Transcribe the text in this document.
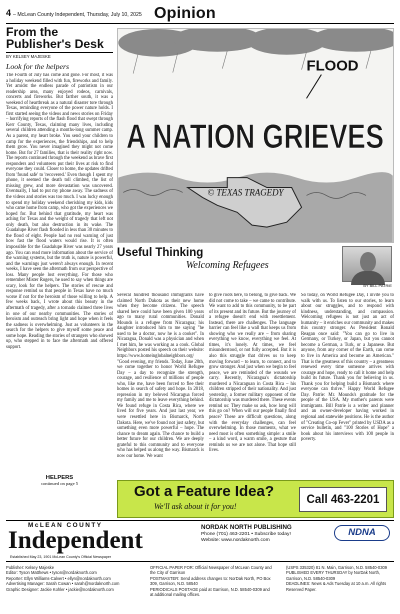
4 – McLean County Independent, Thursday, July 10, 2025 Opinion
From the Publisher's Desk
BY KELSEY MAJESKE
Look for the helpers
The Fourth of July has come and gone. For most, it was a holiday weekend filled with fun, fireworks and family. Yet amidst the endless parade of patriotism in our readership area, many enjoyed rodeos, carnivals, concerts and fireworks. But farther south, it was a weekend of heartbreak as a natural disaster tore through Texas, reminding everyone of the power nature holds. I first started seeing the videos and news stories on Friday – horrifying reports of the flash flood that swept through Kerr County, Texas, claiming many lives, including several children attending a months-long summer camp. As a parent, my heart broke. You send your children to camp for the experiences, the friendships, and to help them grow. You never imagined they might not come home. But for 27 families, that is their reality right now. The reports continued through the weekend as brave first responders and volunteers put their lives at risk to find everyone they could. Closer to home, the updates drifted from 'found safe' to 'recovered.' Even though I spent my phone, it seemed the death toll climbed, the list of missing grew, and more devastation was uncovered. Eventually, I had to put my phone away. The sadness of the videos and stories was too much. I was lucky enough to spend my holiday weekend cherishing my kids, kids who came home from camp, who got the experiences we hoped for. But behind that gratitude, my heart was aching for Texas and the weight of tragedy that left not only death, but also destruction in its wake. The Guadalupe River flash flooded in less than 30 minutes to the flood of eight. People had no real warning of just how fast the flood waters would rise. It is often impossible for the Guadalupe River was nearly 27 years ago. You can read more information about the service of the warning systems, but the truth is, nature is powerful, and the warnings just weren't always enough. In recent weeks, I have seen the aftermath from our perspective of loss. Many people lost everything. For those who remember Mister Rogers, he used to say when things are scary, look for the helpers. The stories of rescue and response remind us that people in Texas have no much worse if not for the heroism of those willing to help. A few weeks back, I wrote about this beauty in the aftermath of tragedy, after a tornado claimed three lives in one of our nearby communities. The stories of heroism and outreach bring light and hope when it feels the sadness is overwhelming. Just as volunteers in the search for the helpers to give myself some peace and some hope. Reading the stories of strangers who showed up, who stepped in to face the aftermath and offered support.
HELPERS
continued on page 5
FLOOD
A NATION GRIEVES
© TEXAS TRAGEDY
Useful Thinking
Welcoming Refugees
BY BILL PATRIE
Several hundred thousand immigrants have claimed North Dakota as their new home when they become citizens. The speech shared here could have been given 100 years ago to many rural communities. Donald Mounds is a refugee from Nicaragua; his daughter introduced him to me saying "he used to be a doctor, now he is a cooker". In Nicaragua, Donald was a physician and when I met him, he was working as a cook. Global Neighbors posted his speech on their website: https://www.homeinglobalneighbors.org/ "Good evening, my friends. Today, June 20th, we come together to honor World Refugee Day – a day to recognize the strength, courage, and resilience of millions of people who, like me, have been forced to flee their homes in search of safety and hope. In 2018, repression in my beloved Nicaragua forced my family and me to leave everything behind. We found refuge in Costa Rica, where we lived for five years. And just last year, we were resettled here in Bismarck, North Dakota. Here, we've found not just safety, but something even more powerful – hope. The chance to dream again. The chance to build a better future for our children. We are deeply grateful to this community and to everyone who has helped us along the way. Bismarck is now our home. We want
to give roots here, to belong, to give back. We did not come to take – we came to contribute. We want to add to this community, to be part of its present and its future. But the journey of a refugee doesn't end with resettlement. Instead, there are challenges. The language barrier can feel like a wall that keeps us from showing who we really are – from sharing everything we know, everything we feel. At times, it's lonely. At times, we feel misunderstood, or not fully accepted. But it is also this struggle that drives us to keep moving forward – to learn, to connect, and to grow stronger. And just when we begin to feel peace, we are reminded of the wounds we carry. Recently, Nicaragua's dictatorship murdered a Nicaraguan in Costa Rica – his children stripped of their nationality. And just yesterday, a former military opponent of the dictatorship was murdered there. These events remind us: They make us ask, how long will this go on? When will our people finally find peace? These are difficult questions, along with the everyday challenges, can feel overwhelming. In those moments, what we need most is often something simple: a smile – a kind word, a warm smile, a gesture that reminds us we are not alone. That hope still lives.
So today, on World Refugee Day, I invite you to walk with us. To listen to our stories, to learn about our struggles, and to respond with kindness, understanding, and compassion. Welcoming refugees is not just an act of humanity – it enriches our community and makes this country stronger. As President Ronald Reagan once said: "You can go to live in Germany, or Turkey, or Japan, but you cannot become a German, a Turk, or a Japanese. But anyone, from any corner of the Earth, can come to live in America and become an American." That is the greatness of this country – a greatness renewed every time someone arrives with courage and hope, ready to call it home and help build its future. Thank you for believing in us. Thank you for helping build a Bismarck where everyone can thrive." Happy World Refugee Day. Patrie: Mr. Mounds's gratitude for the people of the USA. My mother's parents were immigrants. Bill Patrie is a writer and planner and an owner-developer having worked in regional and statewide positions. He is the author of "Creating Co-op Fever" printed by USDA as a service bulletin, and "100 Stories of Hope" a book about his interviews with 100 people in poverty.
Got a Feature Idea?
We'll ask about it for you!
Call 463-2201
McLEAN COUNTY
Independent
Established May 23, 1901 McLean County's Official Newspaper
NORDAK NORTH PUBLISHING
Phone (701) 463-2201 • Subscribe today!
Website: www.nordaknorth.com
NDNA
Publisher: Kelsey Majeske
Editor: Tyson Matthews • tyson@nordaknorth.com
Reporter: Ellyn Williams-Calvert • ellyn@nordaknorth.com
Advertising Manager: Sarah Cowan • sarah@nordaknorth.com
Graphic Designer: Jackie Kohler • jackie@nordaknorth.com
OFFICIAL PAPER FOR: Official Newspaper of McLean County and the City of Garrison
POSTMASTER: Send address changes to: NorDak North, PO Box 309, Garrison, N.D. 58540
PERIODICALS POSTAGE paid at Garrison, N.D. 58540-0309 and at additional mailing offices.
(USPS 335320) 81 N. Main, Garrison, N.D. 58540-0309
PUBLISHED EVERY THURSDAY by NorDak North, Garrison, N.D. 58540-0309
DEADLINES: News & Ads Tuesday at 10 a.m. All rights Reserved Paper.
